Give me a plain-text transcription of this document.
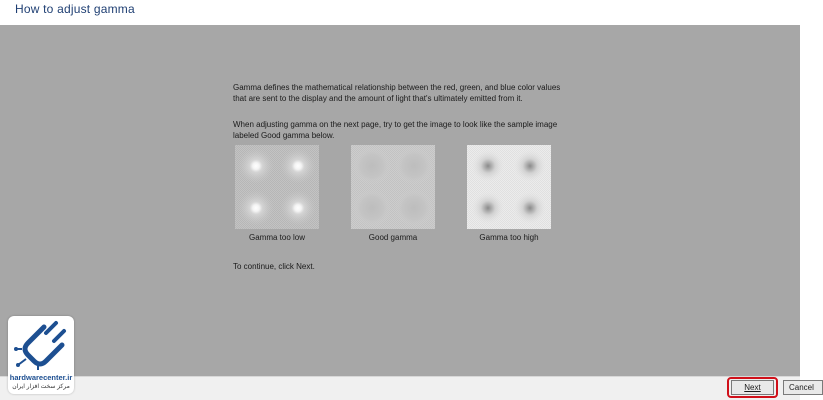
How to adjust gamma
Gamma defines the mathematical relationship between the red, green, and blue color values
that are sent to the display and the amount of light that's ultimately emitted from it.
When adjusting gamma on the next page, try to get the image to look like the sample image
labeled Good gamma below.
Gamma too low	Good gamma	Gamma too high
To continue, click Next.
Next	Cancel
hardwarecenter.ir
مرکز سخت افزار ایران
